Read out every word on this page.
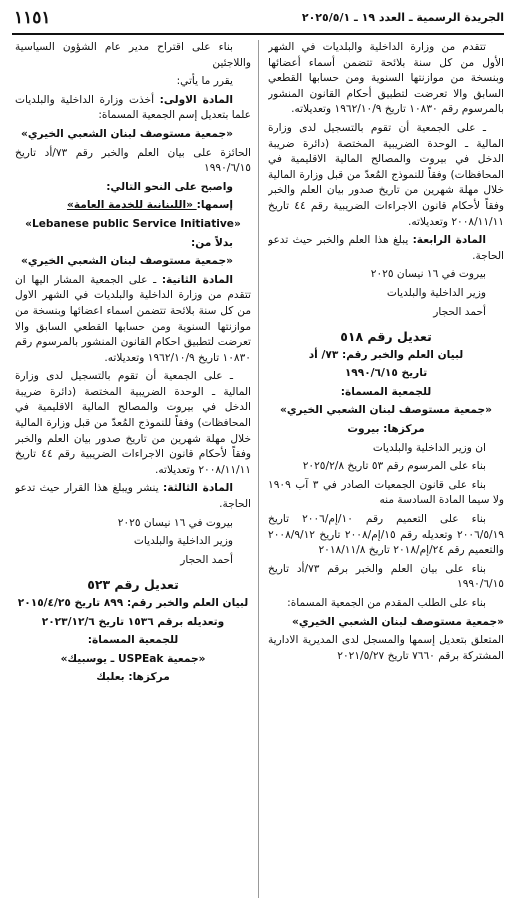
الجريدة الرسمية ـ العدد ١٩ ـ ٢٠٢٥/٥/١
١١٥١

تتقدم من وزارة الداخلية والبلديات في الشهر الأول من كل سنة بلائحة تتضمن أسماء أعضائها وبنسخة من موازنتها السنوية ومن حسابها القطعي السابق والا تعرضت لتطبيق أحكام القانون المنشور بالمرسوم رقم ١٠٨٣٠ تاريخ ١٩٦٢/١٠/٩ وتعديلاته.

ـ على الجمعية أن تقوم بالتسجيل لدى وزارة المالية ـ الوحدة الضريبية المختصة (دائرة ضريبة الدخل في بيروت والمصالح المالية الاقليمية في المحافظات) وفقاً للنموذج المُعدّ من قبل وزارة المالية خلال مهلة شهرين من تاريخ صدور بيان العلم والخبر وفقاً لأحكام قانون الاجراءات الضريبية رقم ٤٤ تاريخ ٢٠٠٨/١١/١١ وتعديلاته.

المادة الرابعة: يبلغ هذا العلم والخبر حيث تدعو الحاجة.

بيروت في ١٦ نيسان ٢٠٢٥

وزير الداخلية والبلديات

أحمد الحجار

تعديل رقم ٥١٨

لبيان العلم والخبر رقم: ٧٣/ أد

تاريخ ١٩٩٠/٦/١٥

للجمعية المسماة:

«جمعية مستوصف لبنان الشعبي الخيري»

مركزها: بيروت

ان وزير الداخلية والبلديات

بناء على المرسوم رقم ٥٣ تاريخ ٢٠٢٥/٢/٨

بناء على قانون الجمعيات الصادر في ٣ آب ١٩٠٩ ولا سيما المادة السادسة منه

بناء على التعميم رقم ١٠/إم/٢٠٠٦ تاريخ ٢٠٠٦/٥/١٩ وتعديله رقم ١٥/إم/٢٠٠٨ تاريخ ٢٠٠٨/٩/١٢ والتعميم رقم ٢٤/إم/٢٠١٨ تاريخ ٢٠١٨/١١/٨

بناء على بيان العلم والخبر برقم ٧٣/أد تاريخ ١٩٩٠/٦/١٥

بناء على الطلب المقدم من الجمعية المسماة:

«جمعية مستوصف لبنان الشعبي الخيري»

المتعلق بتعديل إسمها والمسجل لدى المديرية الادارية المشتركة برقم ٧٦٦٠ تاريخ ٢٠٢١/٥/٢٧

بناء على اقتراح مدير عام الشؤون السياسية واللاجئين

يقرر ما يأتي:

المادة الاولى: أخذت وزارة الداخلية والبلديات علما بتعديل إسم الجمعية المسماة:

«جمعية مستوصف لبنان الشعبي الخيري»

الحائزة على بيان العلم والخبر رقم ٧٣/أد تاريخ ١٩٩٠/٦/١٥

واصبح على النحو التالي:

إسمها: «اللبنانية للخدمة العامة»

«Lebanese public Service Initiative»

بدلاً من:

«جمعية مستوصف لبنان الشعبي الخيري»

المادة الثانية: ـ على الجمعية المشار اليها ان تتقدم من وزارة الداخلية والبلديات في الشهر الاول من كل سنة بلائحة تتضمن اسماء اعضائها وبنسخة من موازنتها السنوية ومن حسابها القطعي السابق والا تعرضت لتطبيق احكام القانون المنشور بالمرسوم رقم ١٠٨٣٠ تاريخ ١٩٦٢/١٠/٩ وتعديلاته.

ـ على الجمعية أن تقوم بالتسجيل لدى وزارة المالية ـ الوحدة الضريبية المختصة (دائرة ضريبة الدخل في بيروت والمصالح المالية الاقليمية في المحافظات) وفقاً للنموذج المُعدّ من قبل وزارة المالية خلال مهلة شهرين من تاريخ صدور بيان العلم والخبر وفقاً لأحكام قانون الاجراءات الضريبية رقم ٤٤ تاريخ ٢٠٠٨/١١/١١ وتعديلاته.

المادة الثالثة: ينشر ويبلغ هذا القرار حيث تدعو الحاجة.

بيروت في ١٦ نيسان ٢٠٢٥

وزير الداخلية والبلديات

أحمد الحجار

تعديل رقم ٥٢٣

لبيان العلم والخبر رقم: ٨٩٩ تاريخ ٢٠١٥/٤/٢٥

وتعديله برقم ١٥٣٦ تاريخ ٢٠٢٣/١٢/٦

للجمعية المسماة:

«جمعية USPEak ـ يوسبيك»

مركزها: بعلبك
